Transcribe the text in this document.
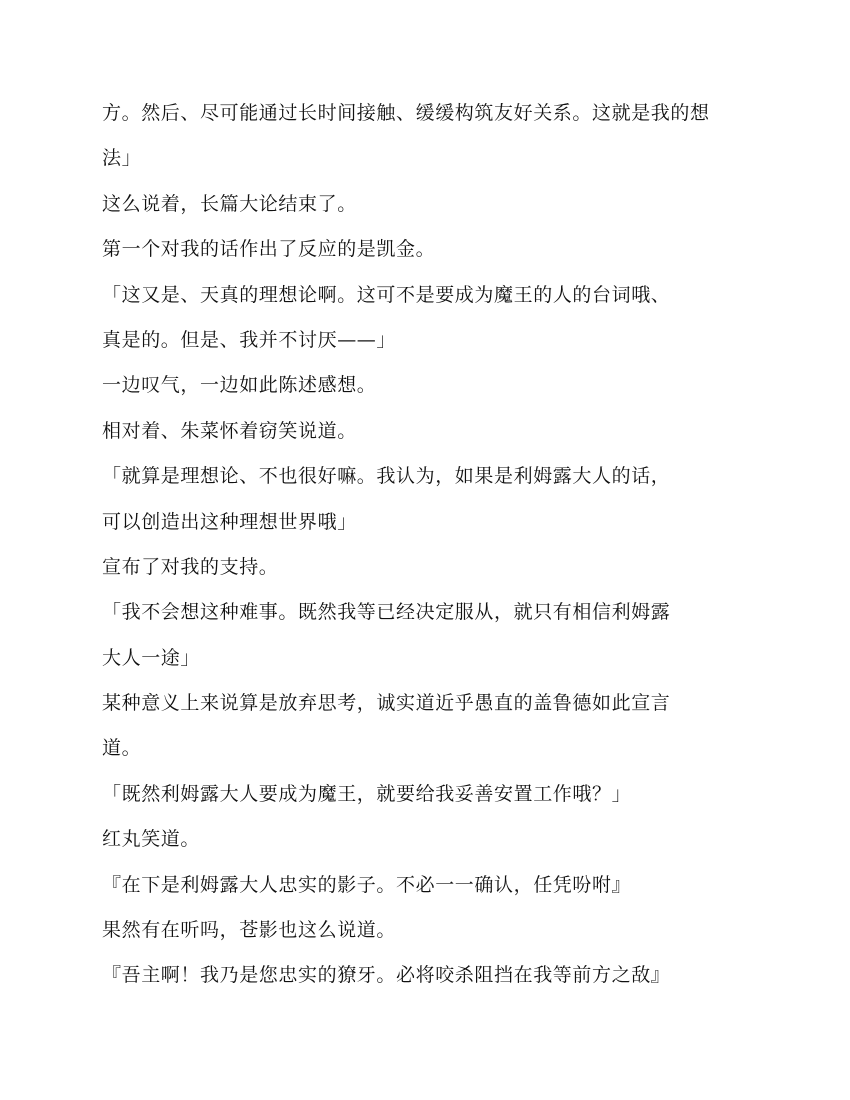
方。然后、尽可能通过长时间接触、缓缓构筑友好关系。这就是我的想
法」
这么说着，长篇大论结束了。
第一个对我的话作出了反应的是凯金。
「这又是、天真的理想论啊。这可不是要成为魔王的人的台词哦、
真是的。但是、我并不讨厌——」
一边叹气，一边如此陈述感想。
相对着、朱菜怀着窃笑说道。
「就算是理想论、不也很好嘛。我认为，如果是利姆露大人的话，
可以创造出这种理想世界哦」
宣布了对我的支持。
「我不会想这种难事。既然我等已经决定服从，就只有相信利姆露
大人一途」
某种意义上来说算是放弃思考，诚实道近乎愚直的盖鲁德如此宣言
道。
「既然利姆露大人要成为魔王，就要给我妥善安置工作哦？」
红丸笑道。
『在下是利姆露大人忠实的影子。不必一一确认，任凭吩咐』
果然有在听吗，苍影也这么说道。
『吾主啊！我乃是您忠实的獠牙。必将咬杀阻挡在我等前方之敌』
